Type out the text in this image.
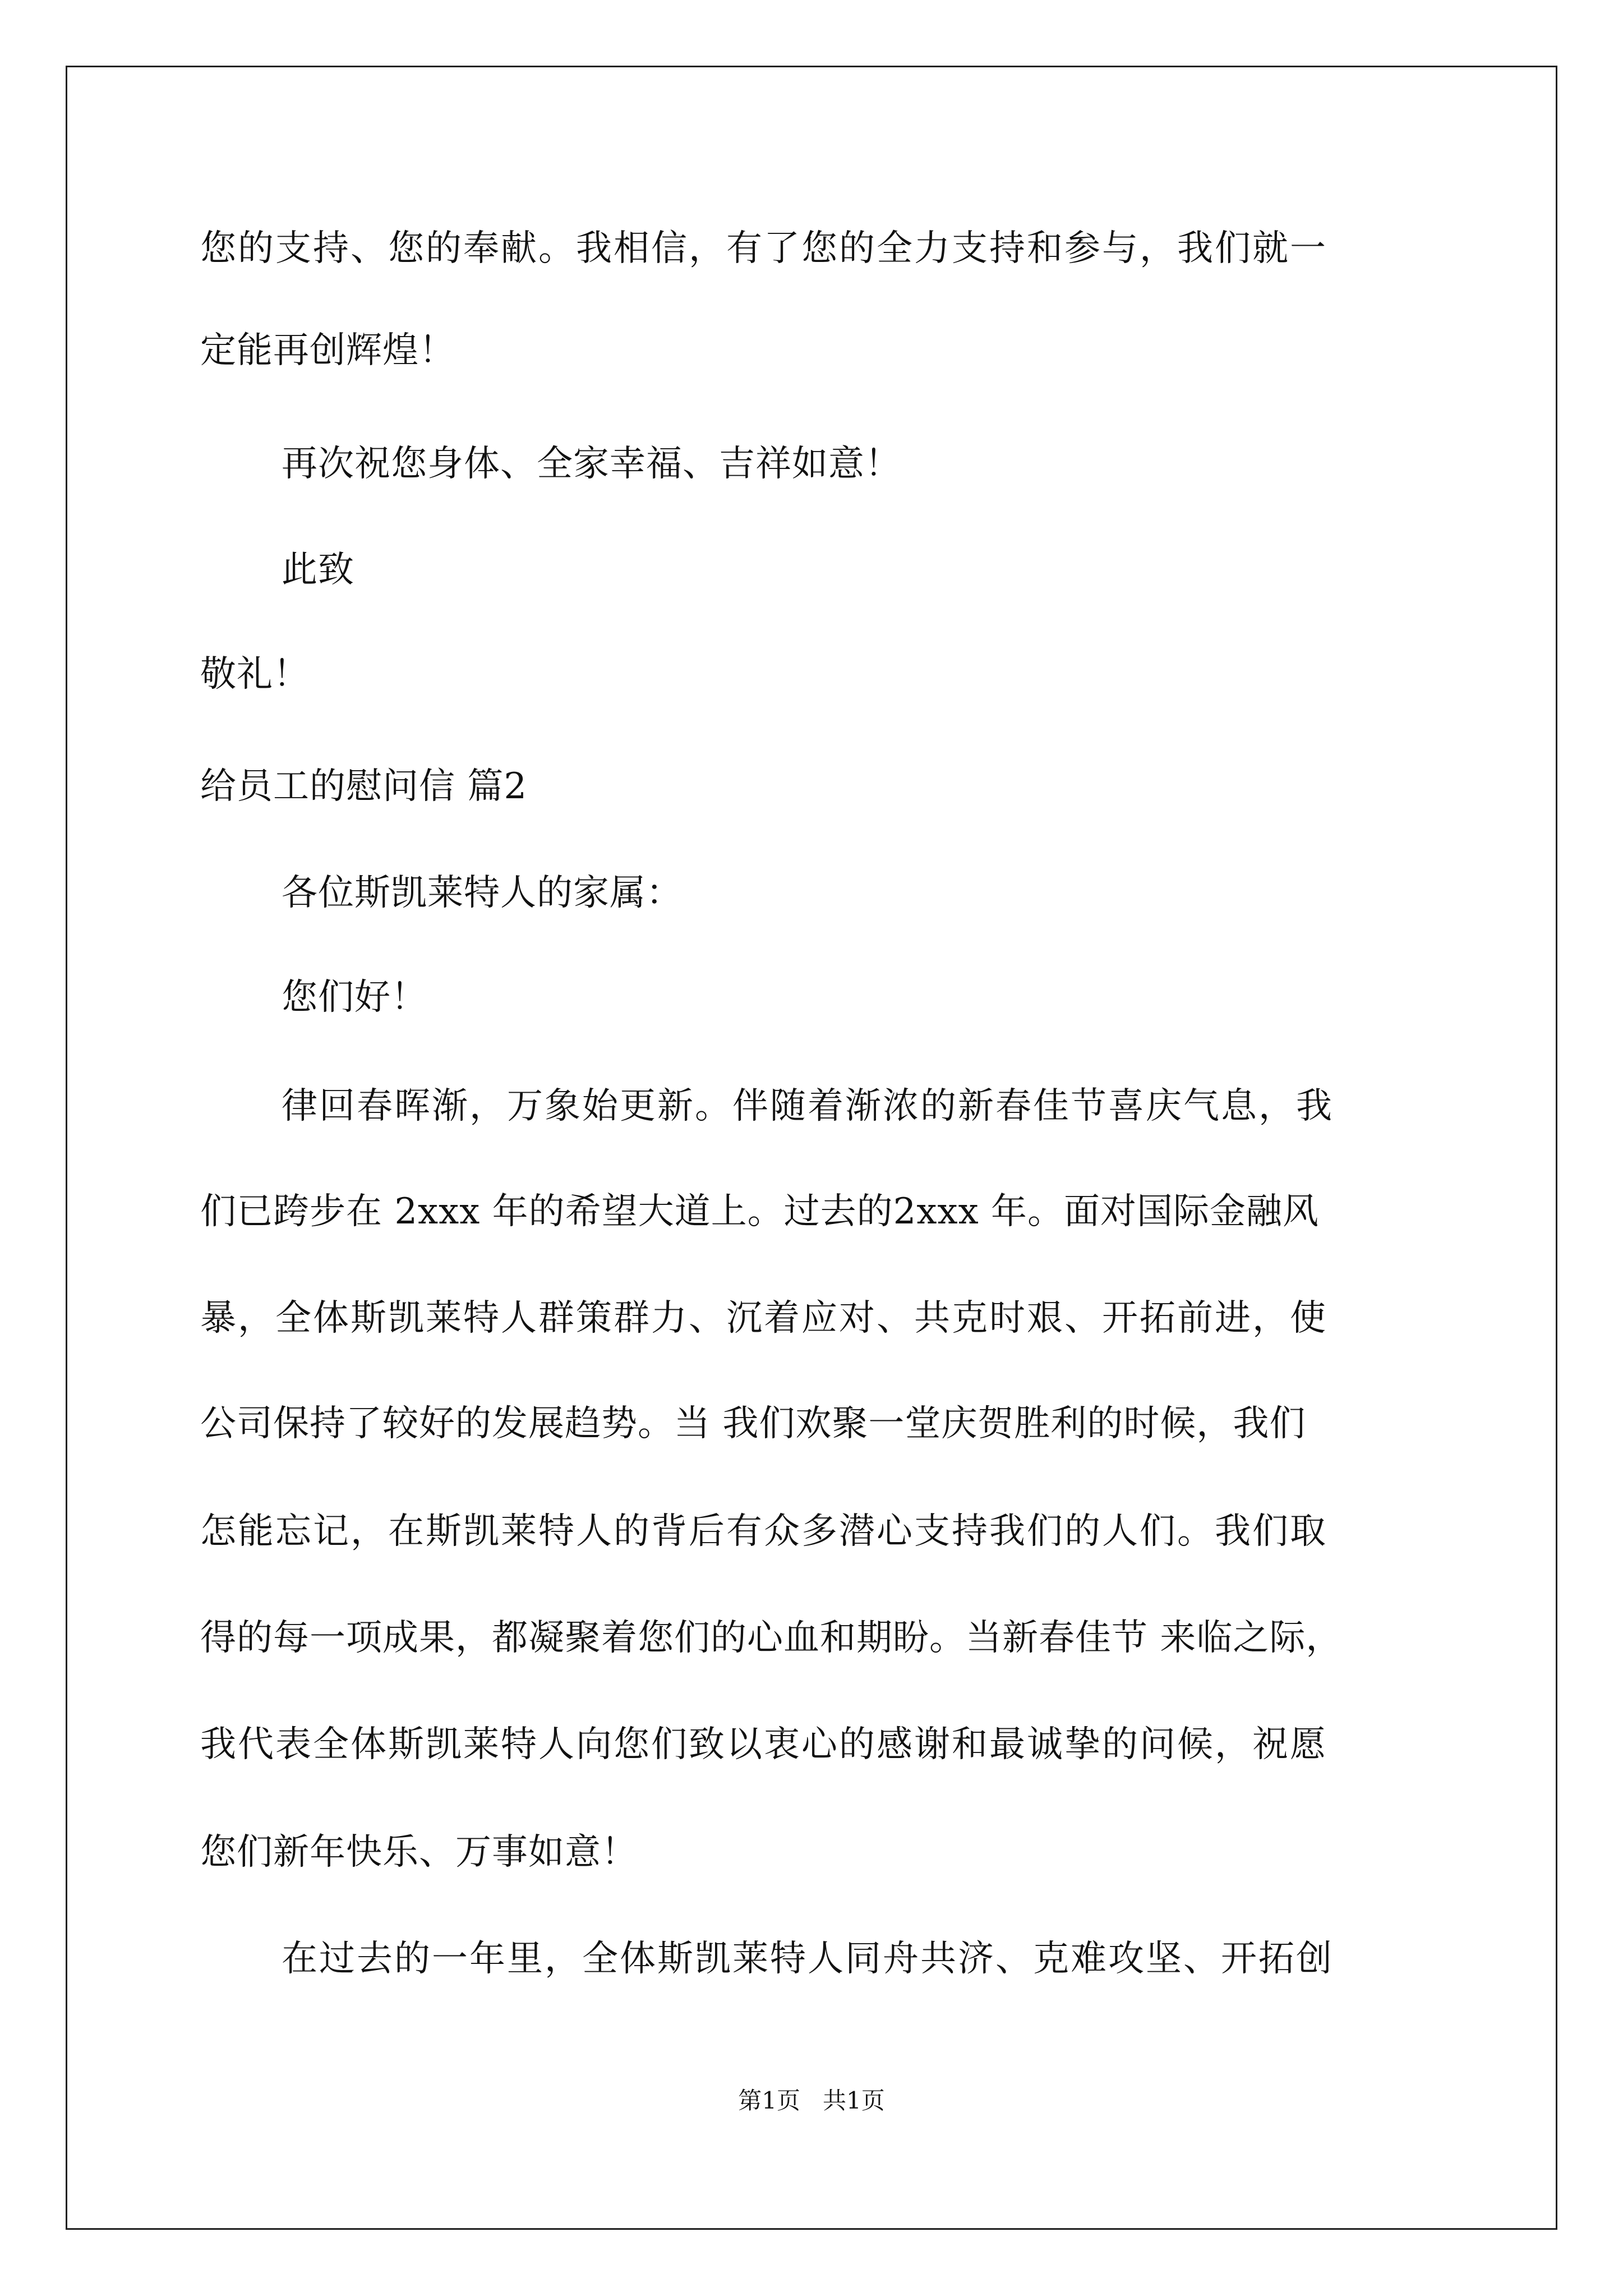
您的支持、您的奉献。我相信，有了您的全力支持和参与，我们就一
定能再创辉煌！
再次祝您身体、全家幸福、吉祥如意！
此致
敬礼！
给员工的慰问信 篇2
各位斯凯莱特人的家属：
您们好！
律回春晖渐，万象始更新。伴随着渐浓的新春佳节喜庆气息，我
们已跨步在 2xxx 年的希望大道上。过去的2xxx 年。面对国际金融风
暴，全体斯凯莱特人群策群力、沉着应对、共克时艰、开拓前进，使
公司保持了较好的发展趋势。当 我们欢聚一堂庆贺胜利的时候，我们
怎能忘记，在斯凯莱特人的背后有众多潜心支持我们的人们。我们取
得的每一项成果，都凝聚着您们的心血和期盼。当新春佳节 来临之际，
我代表全体斯凯莱特人向您们致以衷心的感谢和最诚挚的问候，祝愿
您们新年快乐、万事如意！
在过去的一年里，全体斯凯莱特人同舟共济、克难攻坚、开拓创
第1页   共1页
